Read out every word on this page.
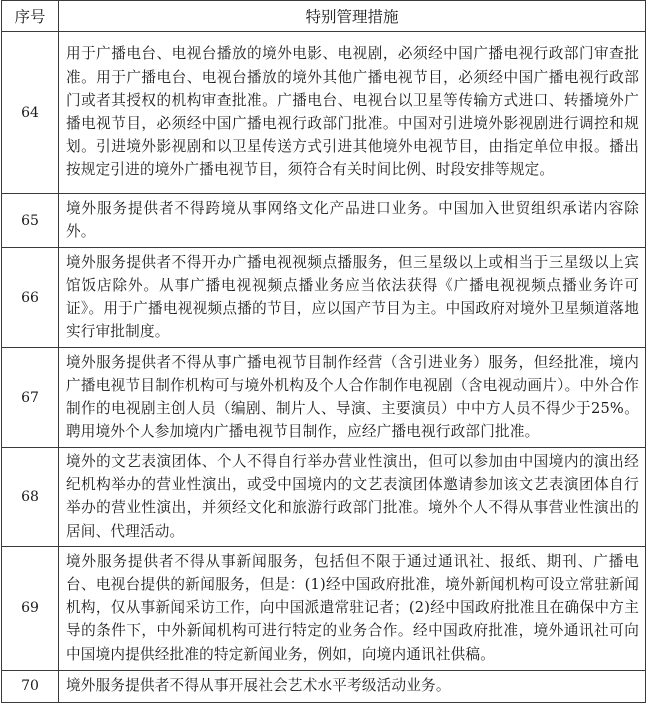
序号	特别管理措施
64	用于广播电台、电视台播放的境外电影、电视剧，必须经中国广播电视行政部门审查批准。用于广播电台、电视台播放的境外其他广播电视节目，必须经中国广播电视行政部门或者其授权的机构审查批准。广播电台、电视台以卫星等传输方式进口、转播境外广播电视节目，必须经中国广播电视行政部门批准。中国对引进境外影视剧进行调控和规划。引进境外影视剧和以卫星传送方式引进其他境外电视节目，由指定单位申报。播出按规定引进的境外广播电视节目，须符合有关时间比例、时段安排等规定。
65	境外服务提供者不得跨境从事网络文化产品进口业务。中国加入世贸组织承诺内容除外。
66	境外服务提供者不得开办广播电视视频点播服务，但三星级以上或相当于三星级以上宾馆饭店除外。从事广播电视视频点播业务应当依法获得《广播电视视频点播业务许可证》。用于广播电视视频点播的节目，应以国产节目为主。中国政府对境外卫星频道落地实行审批制度。
67	境外服务提供者不得从事广播电视节目制作经营（含引进业务）服务，但经批准，境内广播电视节目制作机构可与境外机构及个人合作制作电视剧（含电视动画片）。中外合作制作的电视剧主创人员（编剧、制片人、导演、主要演员）中中方人员不得少于25%。聘用境外个人参加境内广播电视节目制作，应经广播电视行政部门批准。
68	境外的文艺表演团体、个人不得自行举办营业性演出，但可以参加由中国境内的演出经纪机构举办的营业性演出，或受中国境内的文艺表演团体邀请参加该文艺表演团体自行举办的营业性演出，并须经文化和旅游行政部门批准。境外个人不得从事营业性演出的居间、代理活动。
69	境外服务提供者不得从事新闻服务，包括但不限于通过通讯社、报纸、期刊、广播电台、电视台提供的新闻服务，但是：(1)经中国政府批准，境外新闻机构可设立常驻新闻机构，仅从事新闻采访工作，向中国派遣常驻记者；(2)经中国政府批准且在确保中方主导的条件下，中外新闻机构可进行特定的业务合作。经中国政府批准，境外通讯社可向中国境内提供经批准的特定新闻业务，例如，向境内通讯社供稿。
70	境外服务提供者不得从事开展社会艺术水平考级活动业务。
